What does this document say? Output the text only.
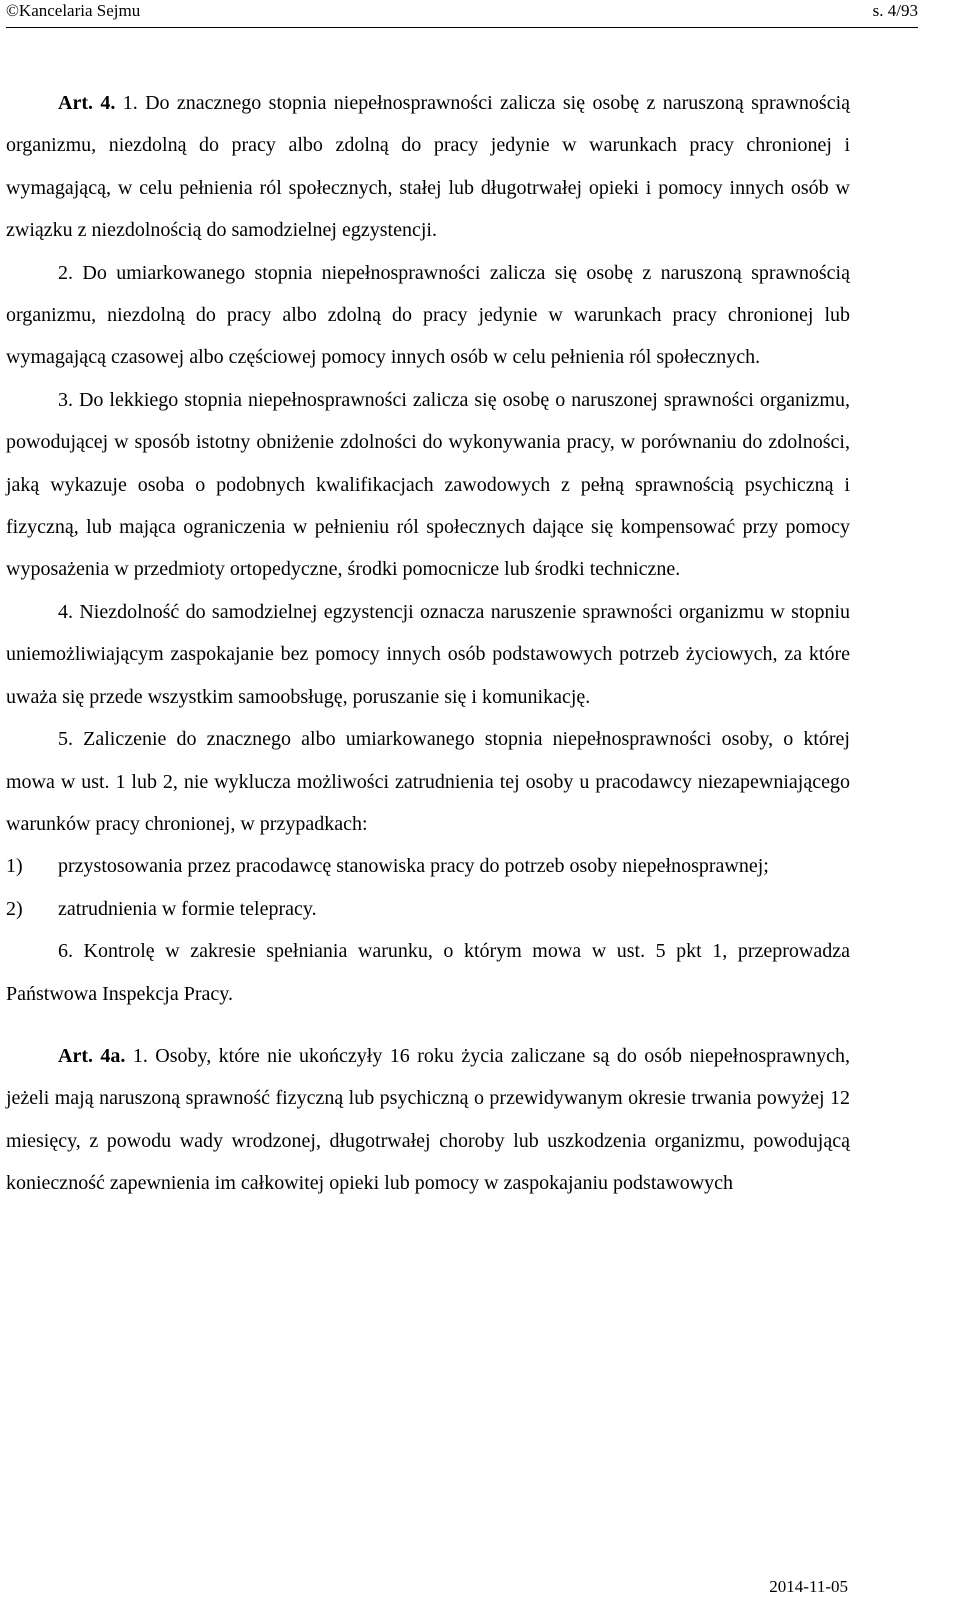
©Kancelaria Sejmu	s. 4/93

Art. 4. 1. Do znacznego stopnia niepełnosprawności zalicza się osobę z naruszoną sprawnością organizmu, niezdolną do pracy albo zdolną do pracy jedynie w warunkach pracy chronionej i wymagającą, w celu pełnienia ról społecznych, stałej lub długotrwałej opieki i pomocy innych osób w związku z niezdolnością do samodzielnej egzystencji.

2. Do umiarkowanego stopnia niepełnosprawności zalicza się osobę z naruszoną sprawnością organizmu, niezdolną do pracy albo zdolną do pracy jedynie w warunkach pracy chronionej lub wymagającą czasowej albo częściowej pomocy innych osób w celu pełnienia ról społecznych.

3. Do lekkiego stopnia niepełnosprawności zalicza się osobę o naruszonej sprawności organizmu, powodującej w sposób istotny obniżenie zdolności do wykonywania pracy, w porównaniu do zdolności, jaką wykazuje osoba o podobnych kwalifikacjach zawodowych z pełną sprawnością psychiczną i fizyczną, lub mająca ograniczenia w pełnieniu ról społecznych dające się kompensować przy pomocy wyposażenia w przedmioty ortopedyczne, środki pomocnicze lub środki techniczne.

4. Niezdolność do samodzielnej egzystencji oznacza naruszenie sprawności organizmu w stopniu uniemożliwiającym zaspokajanie bez pomocy innych osób podstawowych potrzeb życiowych, za które uważa się przede wszystkim samoobsługę, poruszanie się i komunikację.

5. Zaliczenie do znacznego albo umiarkowanego stopnia niepełnosprawności osoby, o której mowa w ust. 1 lub 2, nie wyklucza możliwości zatrudnienia tej osoby u pracodawcy niezapewniającego warunków pracy chronionej, w przypadkach:

1)	przystosowania przez pracodawcę stanowiska pracy do potrzeb osoby niepełnosprawnej;
2)	zatrudnienia w formie telepracy.

6. Kontrolę w zakresie spełniania warunku, o którym mowa w ust. 5 pkt 1, przeprowadza Państwowa Inspekcja Pracy.

Art. 4a. 1. Osoby, które nie ukończyły 16 roku życia zaliczane są do osób niepełnosprawnych, jeżeli mają naruszoną sprawność fizyczną lub psychiczną o przewidywanym okresie trwania powyżej 12 miesięcy, z powodu wady wrodzonej, długotrwałej choroby lub uszkodzenia organizmu, powodującą konieczność zapewnienia im całkowitej opieki lub pomocy w zaspokajaniu podstawowych

2014-11-05
